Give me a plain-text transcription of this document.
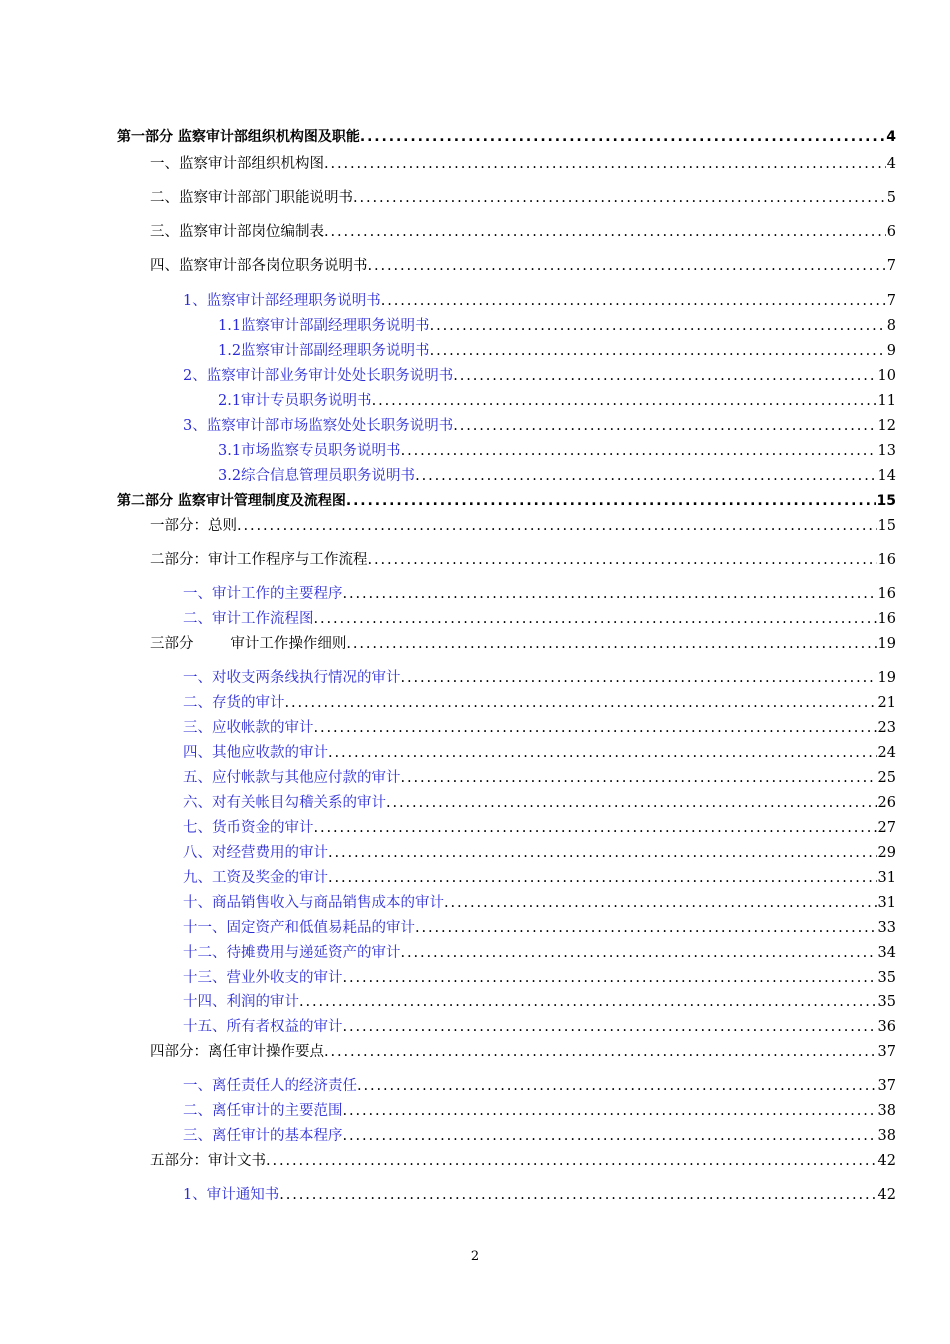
第一部分 监察审计部组织机构图及职能 .....	4
一、监察审计部组织机构图 .....	4
二、监察审计部部门职能说明书 .....	5
三、监察审计部岗位编制表 .....	6
四、监察审计部各岗位职务说明书 .....	7
1、监察审计部经理职务说明书 .....	7
1.1监察审计部副经理职务说明书 .....	8
1.2监察审计部副经理职务说明书 .....	9
2、监察审计部业务审计处处长职务说明书 .....	10
2.1审计专员职务说明书 .....	11
3、监察审计部市场监察处处长职务说明书 .....	12
3.1市场监察专员职务说明书 .....	13
3.2综合信息管理员职务说明书 .....	14
第二部分 监察审计管理制度及流程图 .....	15
一部分：总则 .....	15
二部分：审计工作程序与工作流程 .....	16
一、审计工作的主要程序 .....	16
二、审计工作流程图 .....	16
三部分        审计工作操作细则 .....	19
一、对收支两条线执行情况的审计 .....	19
二、存货的审计 .....	21
三、应收帐款的审计 .....	23
四、其他应收款的审计 .....	24
五、应付帐款与其他应付款的审计 .....	25
六、对有关帐目勾稽关系的审计 .....	26
七、货币资金的审计 .....	27
八、对经营费用的审计 .....	29
九、工资及奖金的审计 .....	31
十、商品销售收入与商品销售成本的审计 .....	31
十一、固定资产和低值易耗品的审计 .....	33
十二、待摊费用与递延资产的审计 .....	34
十三、营业外收支的审计 .....	35
十四、利润的审计 .....	35
十五、所有者权益的审计 .....	36
四部分：离任审计操作要点 .....	37
一、离任责任人的经济责任 .....	37
二、离任审计的主要范围 .....	38
三、离任审计的基本程序 .....	38
五部分：审计文书 .....	42
1、审计通知书 .....	42
2
